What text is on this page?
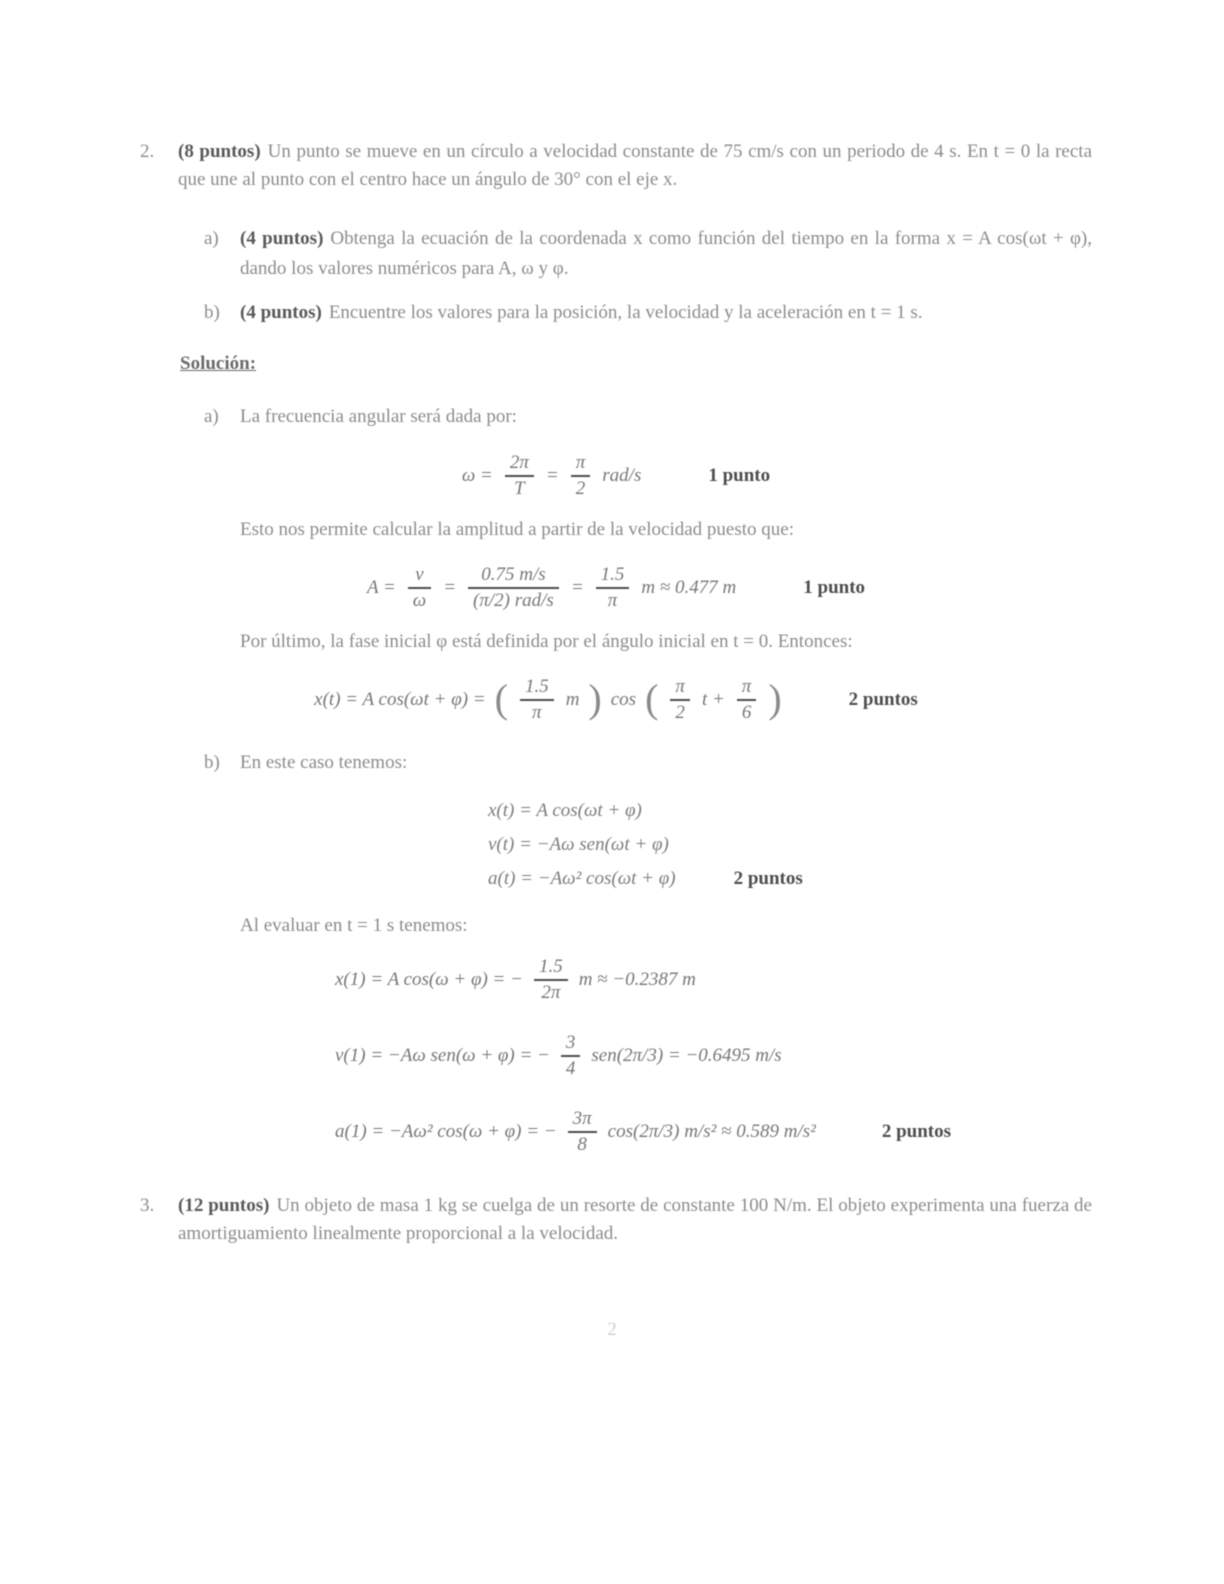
2.	(8 puntos) Un punto se mueve en un círculo a velocidad constante de 75 cm/s con un periodo de 4 s. En t = 0 la recta que une al punto con el centro hace un ángulo de 30° con el eje x.
a)	(4 puntos) Obtenga la ecuación de la coordenada x como función del tiempo en la forma x = A cos(ωt + φ), dando los valores numéricos para A, ω y φ.
b)	(4 puntos) Encuentre los valores para la posición, la velocidad y la aceleración en t = 1 s.
Solución:
a)	La frecuencia angular será dada por:
$\omega = \frac{2\pi}{T} = \frac{\pi}{2} rad/s$	1 punto
Esto nos permite calcular la amplitud a partir de la velocidad puesto que:
$A = \frac{v}{\omega} = \frac{0.75 m/s}{\text{(π/2) rad/s}} = \frac{1.5}{\pi}$ m ≈ 0.477 m	1 punto
Por último, la fase inicial φ está definida por el ángulo inicial en t = 0. Entonces:
x(t) = A cos(ωt + φ) = ( $\frac{1.5}{\pi}$ m ) cos ( $\frac{\pi}{2}$ $t + \frac{\pi}{6}$ )	2 puntos
b)	En este caso tenemos:
x(t) = A cos(ωt + φ)
v(t) = −Aω sen(ωt + φ)
a(t) = −Aω² cos(ωt + φ)	2 puntos
Al evaluar en t = 1 s tenemos:
x(1) = A cos(ω + φ) = − $\frac{1.5}{2\pi}$ m ≈ −0.2387 m
v(1) = −Aω sen(ω + φ) = − $\frac{3}{4} sen(2\pi/3) = -0.6495$ m/s
a(1) = −Aω² cos(ω + φ) = − $\frac{3\pi}{8} \cos(2\pi/3) m/s^2 \approx 0.589$ m/s²	2 puntos
3.	(12 puntos) Un objeto de masa 1 kg se cuelga de un resorte de constante 100 N/m. El objeto experimenta una fuerza de amortiguamiento linealmente proporcional a la velocidad.
2
